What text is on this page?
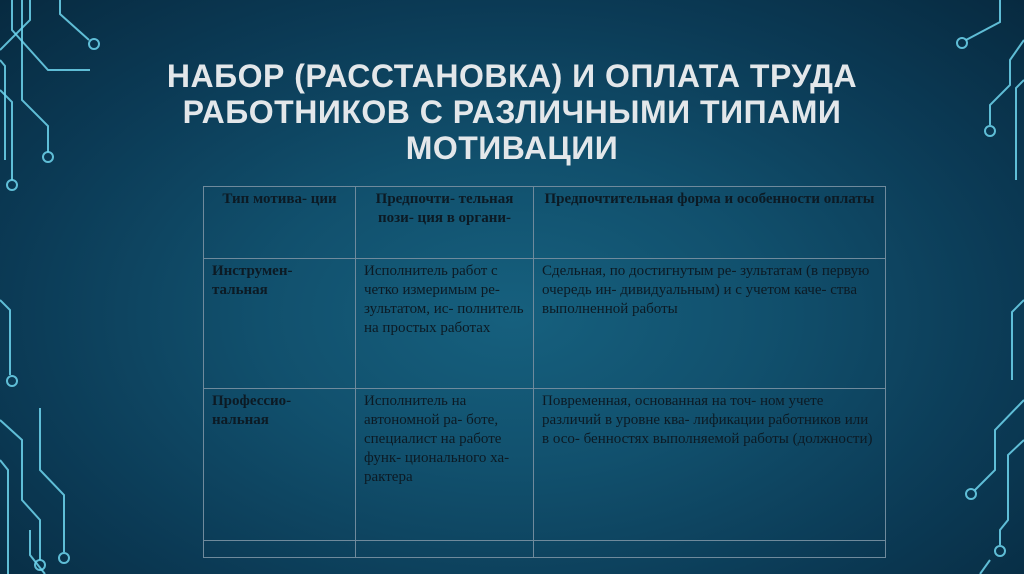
НАБОР (РАССТАНОВКА) И ОПЛАТА ТРУДА
РАБОТНИКОВ С РАЗЛИЧНЫМИ ТИПАМИ
МОТИВАЦИИ
Тип мотива- ции	Предпочти- тельная пози- ция в органи-	Предпочтительная форма и особенности оплаты
Инструмен- тальная	Исполнитель работ с четко измеримым ре- зультатом, ис- полнитель на простых работах	Сдельная, по достигнутым ре- зультатам (в первую очередь ин- дивидуальным) и с учетом каче- ства выполненной работы
Профессио- нальная	Исполнитель на автономной ра- боте, специалист на работе функ- ционального ха- рактера	Повременная, основанная на точ- ном учете различий в уровне ква- лификации работников или в осо- бенностях выполняемой работы (должности)
